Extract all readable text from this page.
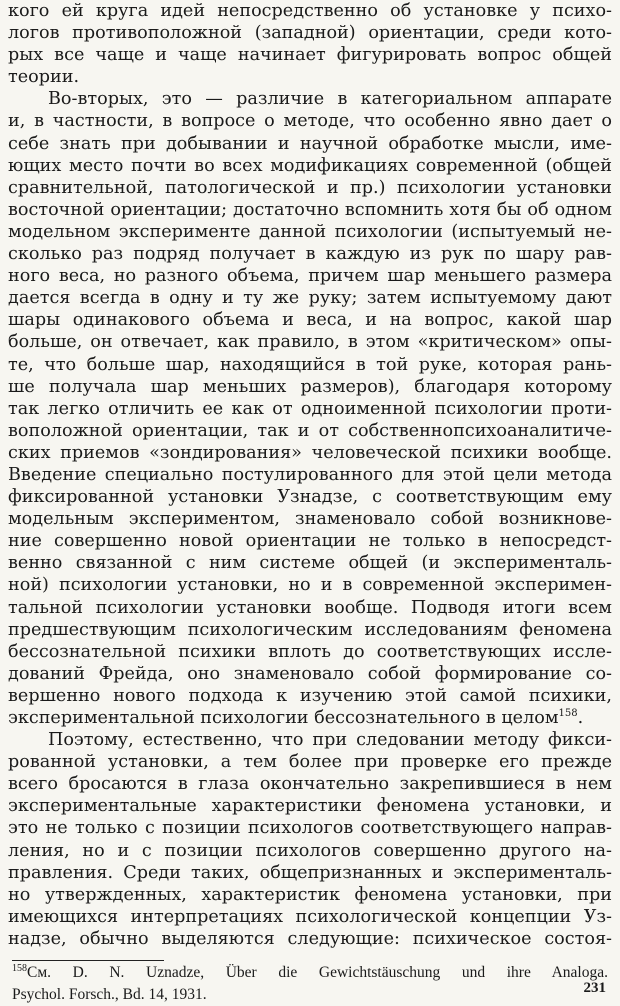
кого ей круга идей непосредственно об установке у психо-
логов противоположной (западной) ориентации, среди кото-
рых все чаще и чаще начинает фигурировать вопрос общей
теории.
Во-вторых, это — различие в категориальном аппарате
и, в частности, в вопросе о методе, что особенно явно дает о
себе знать при добывании и научной обработке мысли, име-
ющих место почти во всех модификациях современной (общей
сравнительной, патологической и пр.) психологии установки
восточной ориентации; достаточно вспомнить хотя бы об одном
модельном эксперименте данной психологии (испытуемый не-
сколько раз подряд получает в каждую из рук по шару рав-
ного веса, но разного объема, причем шар меньшего размера
дается всегда в одну и ту же руку; затем испытуемому дают
шары одинакового объема и веса, и на вопрос, какой шар
больше, он отвечает, как правило, в этом «критическом» опы-
те, что больше шар, находящийся в той руке, которая рань-
ше получала шар меньших размеров), благодаря которому
так легко отличить ее как от одноименной психологии проти-
воположной ориентации, так и от собственнопсихоаналитиче-
ских приемов «зондирования» человеческой психики вообще.
Введение специально постулированного для этой цели метода
фиксированной установки Узнадзе, с соответствующим ему
модельным экспериментом, знаменовало собой возникнове-
ние совершенно новой ориентации не только в непосредст-
венно связанной с ним системе общей (и эксперименталь-
ной) психологии установки, но и в современной эксперимен-
тальной психологии установки вообще. Подводя итоги всем
предшествующим психологическим исследованиям феномена
бессознательной психики вплоть до соответствующих иссле-
дований Фрейда, оно знаменовало собой формирование со-
вершенно нового подхода к изучению этой самой психики,
экспериментальной психологии бессознательного в целом$^{158}$.
Поэтому, естественно, что при следовании методу фикси-
рованной установки, а тем более при проверке его прежде
всего бросаются в глаза окончательно закрепившиеся в нем
экспериментальные характеристики феномена установки, и
это не только с позиции психологов соответствующего направ-
ления, но и с позиции психологов совершенно другого на-
правления. Среди таких, общепризнанных и эксперименталь-
но утвержденных, характеристик феномена установки, при
имеющихся интерпретациях психологической концепции Уз-
надзе, обычно выделяются следующие: психическое состоя-
$^{158}$См. D. N. Uznadze, Über die Gewichtstäuschung und ihre Analoga.
Psychol. Forsch., Bd. 14, 1931.	231
